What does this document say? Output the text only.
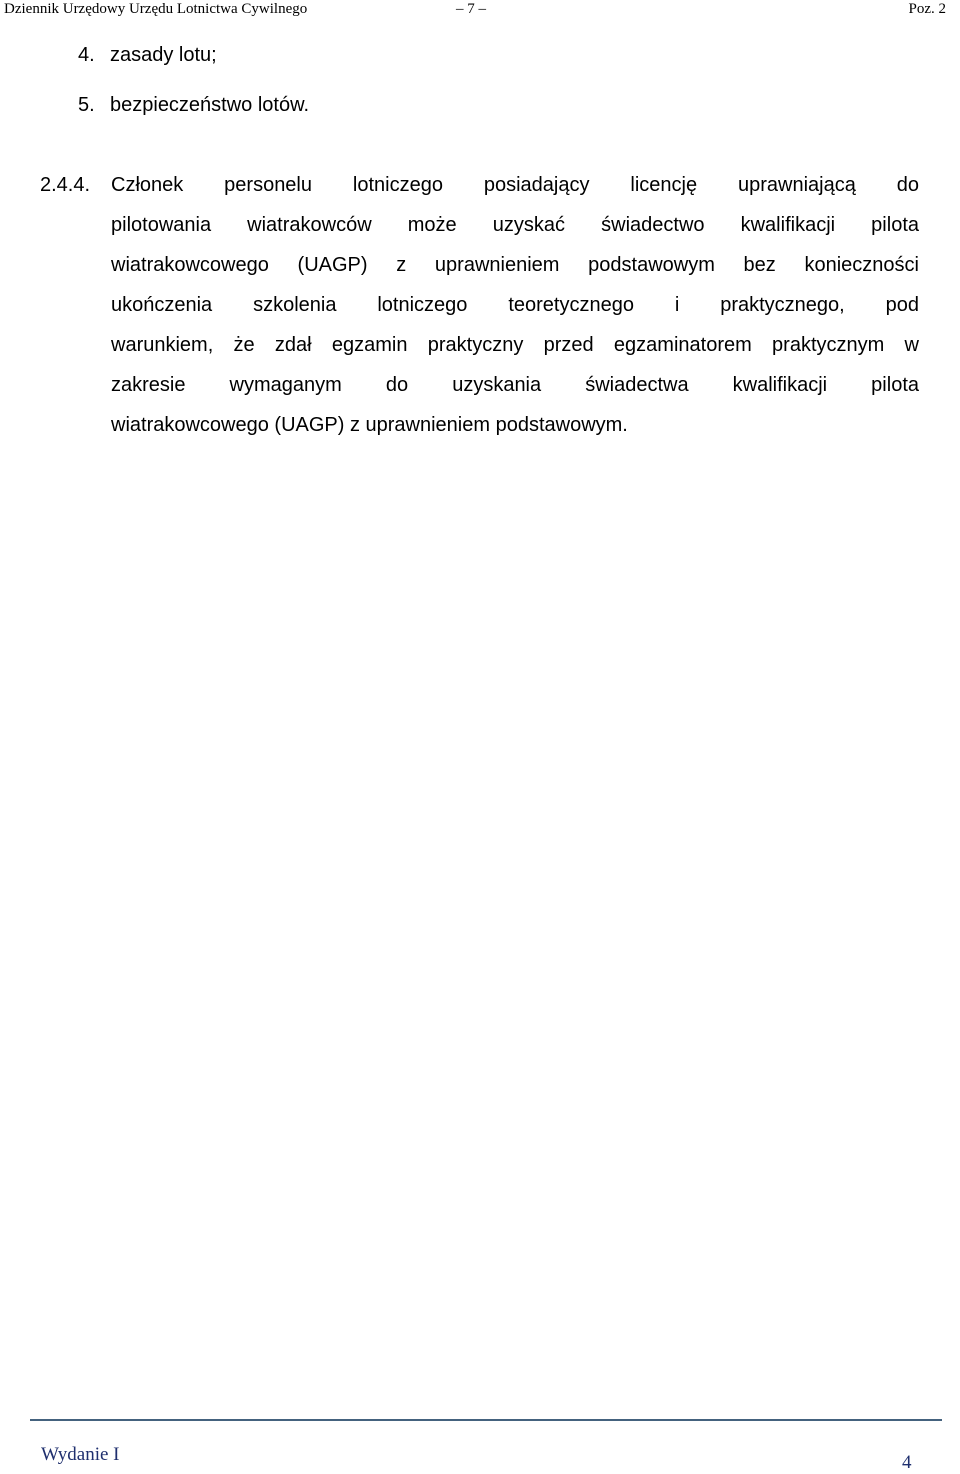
Dziennik Urzędowy Urzędu Lotnictwa Cywilnego	– 7 –	Poz. 2
4. zasady lotu;
5. bezpieczeństwo lotów.
2.4.4. Członek personelu lotniczego posiadający licencję uprawniającą do
pilotowania wiatrakowców może uzyskać świadectwo kwalifikacji pilota
wiatrakowcowego (UAGP) z uprawnieniem podstawowym bez konieczności
ukończenia szkolenia lotniczego teoretycznego i praktycznego, pod
warunkiem, że zdał egzamin praktyczny przed egzaminatorem praktycznym w
zakresie wymaganym do uzyskania świadectwa kwalifikacji pilota
wiatrakowcowego (UAGP) z uprawnieniem podstawowym.
Wydanie I	4
